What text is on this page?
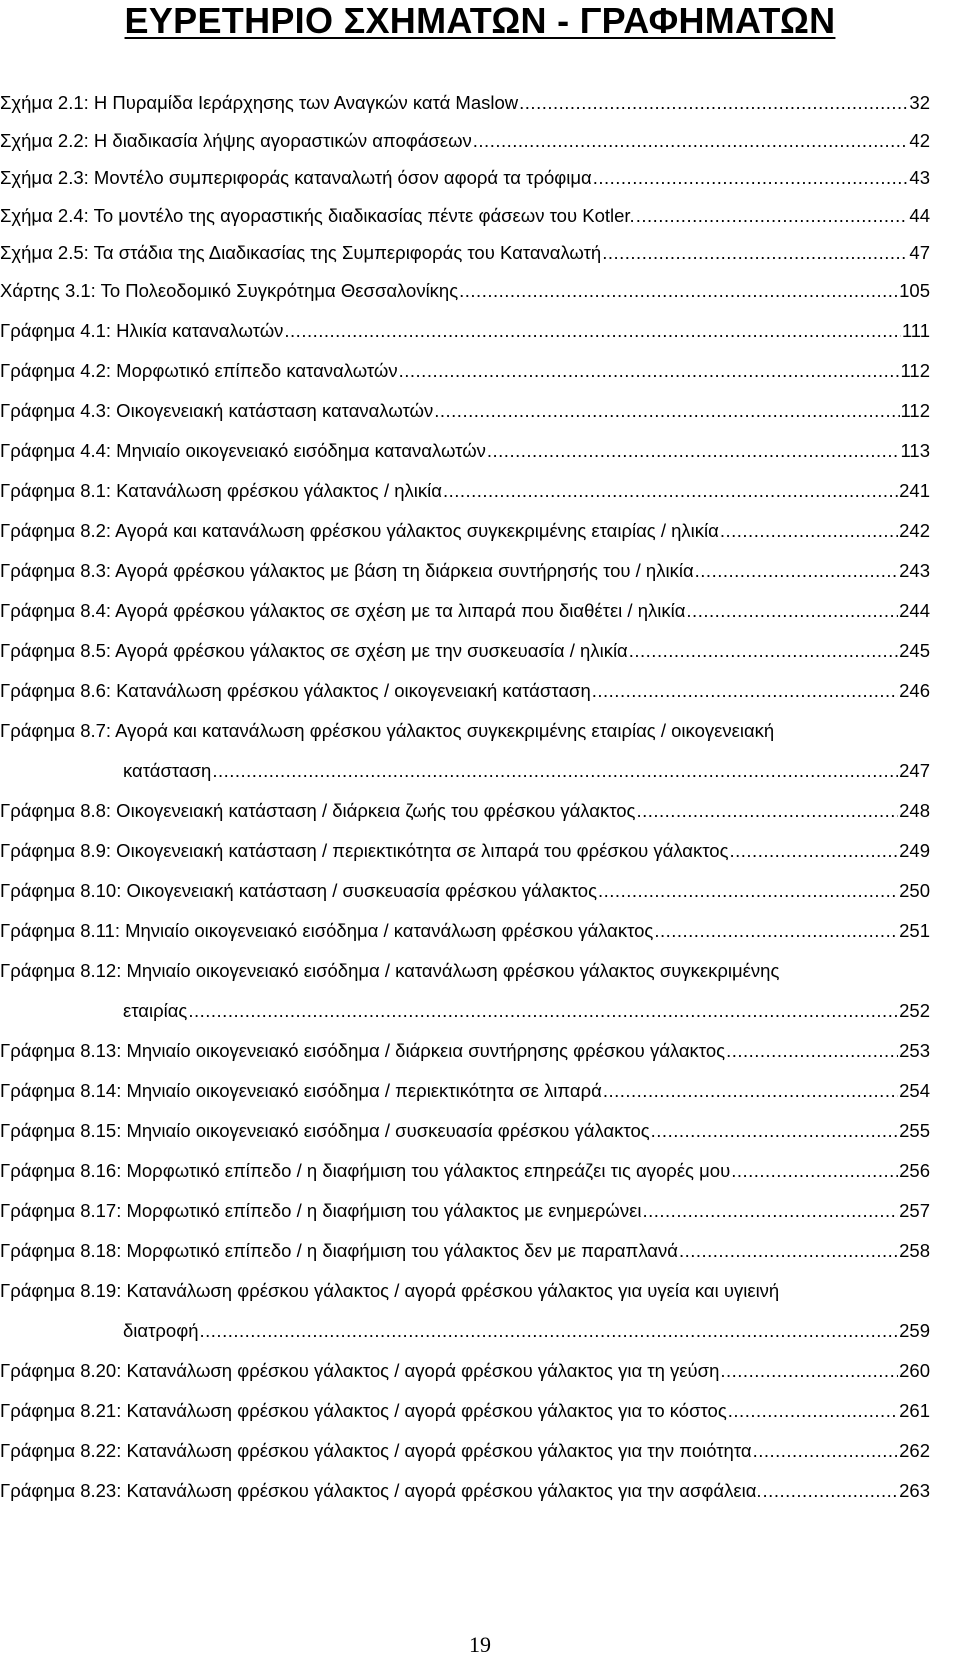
ΕΥΡΕΤΗΡΙΟ ΣΧΗΜΑΤΩΝ - ΓΡΑΦΗΜΑΤΩΝ
Σχήμα 2.1: Η Πυραμίδα Ιεράρχησης των Αναγκών κατά Maslow .....	32
Σχήμα 2.2: Η διαδικασία λήψης αγοραστικών αποφάσεων .....	42
Σχήμα 2.3: Μοντέλο συμπεριφοράς καταναλωτή όσον αφορά τα τρόφιμα .....	43
Σχήμα 2.4: Το μοντέλο της αγοραστικής διαδικασίας πέντε φάσεων του Kotler. .....	44
Σχήμα 2.5: Τα στάδια της Διαδικασίας της Συμπεριφοράς του Καταναλωτή .....	47
Χάρτης 3.1: Το Πολεοδομικό Συγκρότημα Θεσσαλονίκης .....	105
Γράφημα 4.1: Ηλικία καταναλωτών .....	111
Γράφημα 4.2: Μορφωτικό επίπεδο καταναλωτών .....	112
Γράφημα 4.3: Οικογενειακή κατάσταση καταναλωτών .....	112
Γράφημα 4.4: Μηνιαίο οικογενειακό εισόδημα καταναλωτών .....	113
Γράφημα 8.1: Κατανάλωση φρέσκου γάλακτος / ηλικία .....	241
Γράφημα 8.2: Αγορά και κατανάλωση φρέσκου γάλακτος συγκεκριμένης εταιρίας / ηλικία .....	242
Γράφημα 8.3: Αγορά φρέσκου γάλακτος με βάση τη διάρκεια συντήρησής του / ηλικία .....	243
Γράφημα 8.4: Αγορά φρέσκου γάλακτος σε σχέση με τα λιπαρά που διαθέτει / ηλικία .....	244
Γράφημα 8.5: Αγορά φρέσκου γάλακτος σε σχέση με την συσκευασία / ηλικία .....	245
Γράφημα 8.6: Κατανάλωση φρέσκου γάλακτος / οικογενειακή κατάσταση .....	246
Γράφημα 8.7: Αγορά και κατανάλωση φρέσκου γάλακτος συγκεκριμένης εταιρίας / οικογενειακή
κατάσταση .....	247
Γράφημα 8.8: Οικογενειακή κατάσταση / διάρκεια ζωής του φρέσκου γάλακτος .....	248
Γράφημα 8.9: Οικογενειακή κατάσταση / περιεκτικότητα σε λιπαρά του φρέσκου γάλακτος .....	249
Γράφημα 8.10: Οικογενειακή κατάσταση / συσκευασία φρέσκου γάλακτος .....	250
Γράφημα 8.11: Μηνιαίο οικογενειακό εισόδημα / κατανάλωση φρέσκου γάλακτος .....	251
Γράφημα 8.12: Μηνιαίο οικογενειακό εισόδημα / κατανάλωση φρέσκου γάλακτος συγκεκριμένης
εταιρίας .....	252
Γράφημα 8.13: Μηνιαίο οικογενειακό εισόδημα / διάρκεια συντήρησης φρέσκου γάλακτος .....	253
Γράφημα 8.14: Μηνιαίο οικογενειακό εισόδημα / περιεκτικότητα σε λιπαρά .....	254
Γράφημα 8.15: Μηνιαίο οικογενειακό εισόδημα / συσκευασία φρέσκου γάλακτος .....	255
Γράφημα 8.16: Μορφωτικό επίπεδο / η διαφήμιση του γάλακτος επηρεάζει τις αγορές μου .....	256
Γράφημα 8.17: Μορφωτικό επίπεδο / η διαφήμιση του γάλακτος με ενημερώνει .....	257
Γράφημα 8.18: Μορφωτικό επίπεδο / η διαφήμιση του γάλακτος δεν με παραπλανά .....	258
Γράφημα 8.19: Κατανάλωση φρέσκου γάλακτος / αγορά φρέσκου γάλακτος για υγεία και υγιεινή
διατροφή .....	259
Γράφημα 8.20: Κατανάλωση φρέσκου γάλακτος / αγορά φρέσκου γάλακτος για τη γεύση .....	260
Γράφημα 8.21: Κατανάλωση φρέσκου γάλακτος / αγορά φρέσκου γάλακτος για το κόστος .....	261
Γράφημα 8.22: Κατανάλωση φρέσκου γάλακτος / αγορά φρέσκου γάλακτος για την ποιότητα .....	262
Γράφημα 8.23: Κατανάλωση φρέσκου γάλακτος / αγορά φρέσκου γάλακτος για την ασφάλεια. .....	263
19
